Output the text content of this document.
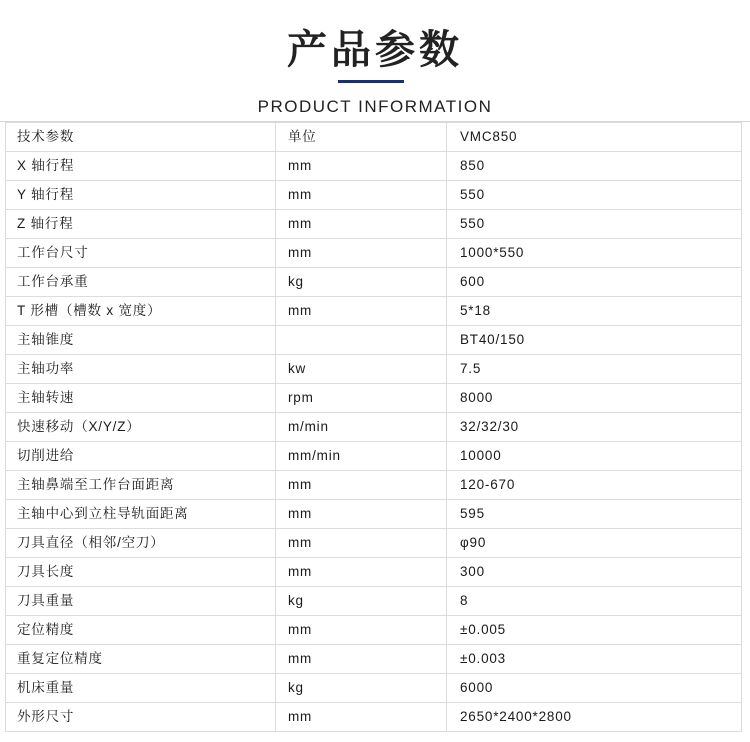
产品参数
PRODUCT INFORMATION
技术参数	单位	VMC850
X 轴行程	mm	850
Y 轴行程	mm	550
Z 轴行程	mm	550
工作台尺寸	mm	1000*550
工作台承重	kg	600
T 形槽（槽数 x 宽度）	mm	5*18
主轴锥度		BT40/150
主轴功率	kw	7.5
主轴转速	rpm	8000
快速移动（X/Y/Z）	m/min	32/32/30
切削进给	mm/min	10000
主轴鼻端至工作台面距离	mm	120-670
主轴中心到立柱导轨面距离	mm	595
刀具直径（相邻/空刀）	mm	φ90
刀具长度	mm	300
刀具重量	kg	8
定位精度	mm	±0.005
重复定位精度	mm	±0.003
机床重量	kg	6000
外形尺寸	mm	2650*2400*2800
